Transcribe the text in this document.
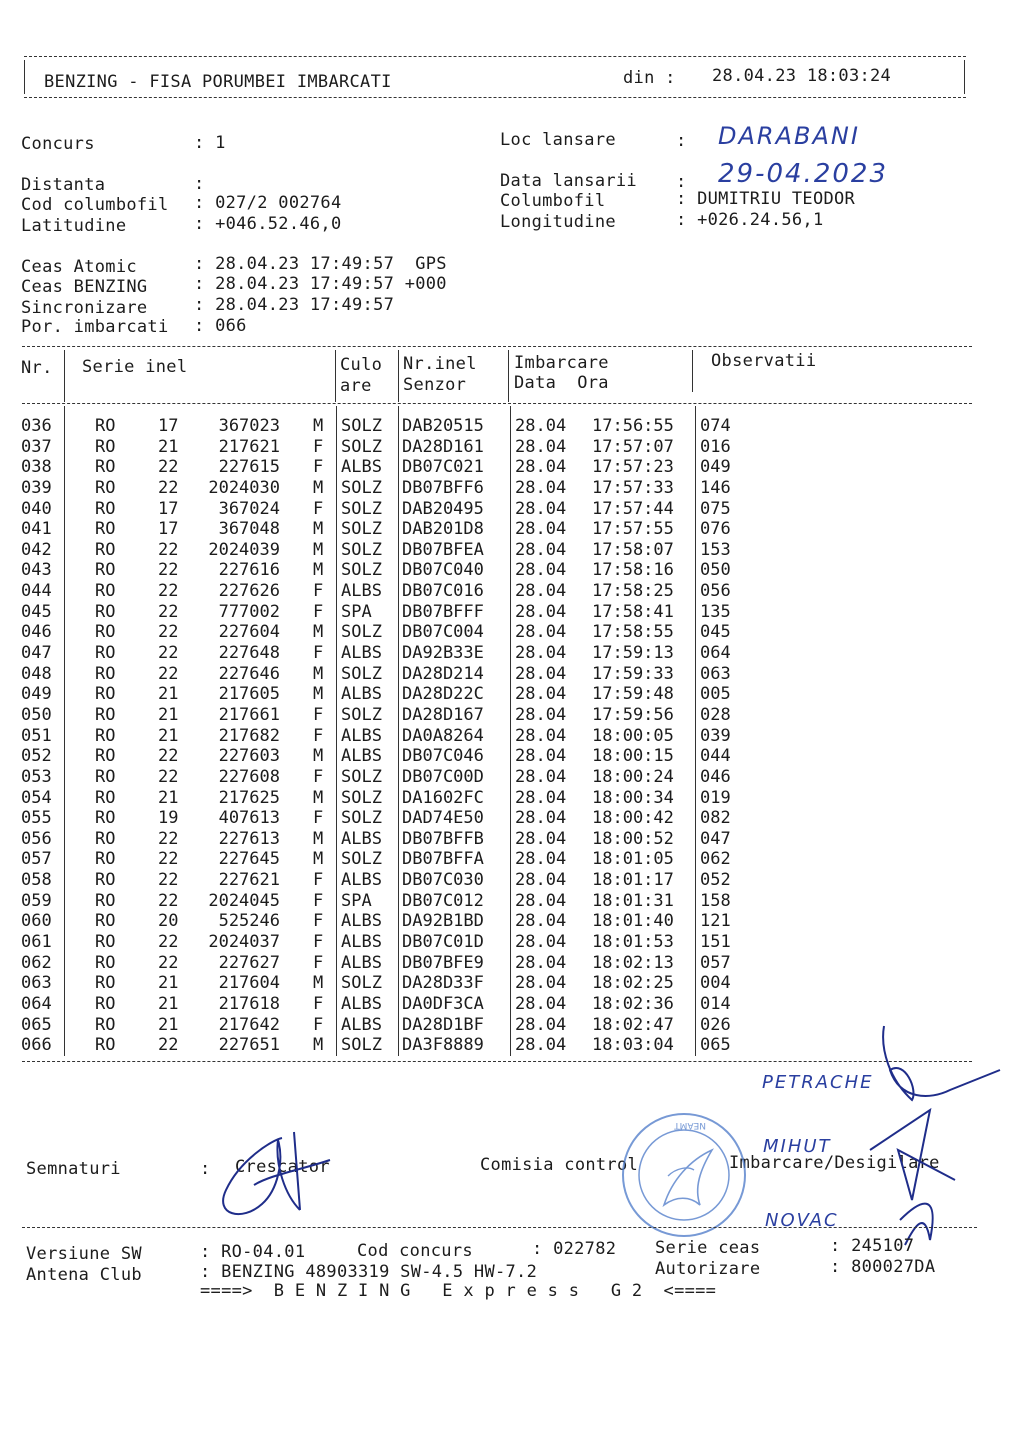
BENZING - FISA PORUMBEI IMBARCATI	din : 28.04.23 18:03:24
Concurs	: 1	Loc lansare	: DARABANI
Distanta	:	Data lansarii : 29-04.2023
Cod columbofil : 027/2 002764	Columbofil	: DUMITRIU TEODOR
Latitudine	: +046.52.46,0	Longitudine	: +026.24.56,1
Ceas Atomic	: 28.04.23 17:49:57  GPS
Ceas BENZING	: 28.04.23 17:49:57 +000
Sincronizare	: 28.04.23 17:49:57
Por. imbarcati : 066
Nr. Serie inel	Culo
are
Nr.inel
Senzor
Imbarcare
Data  Ora
Observatii
036	RO	17	367023 M SOLZ DAB20515 28.04 17:56:55 074
037	RO	21	217621 F SOLZ DA28D161 28.04 17:57:07 016
038	RO	22	227615 F ALBS DB07C021 28.04 17:57:23 049
039	RO	22	2024030 M SOLZ DB07BFF6 28.04 17:57:33 146
040	RO	17	367024 F SOLZ DAB20495 28.04 17:57:44 075
041	RO	17	367048 M SOLZ DAB201D8 28.04 17:57:55 076
042	RO	22	2024039 M SOLZ DB07BFEA 28.04 17:58:07 153
043	RO	22	227616 M SOLZ DB07C040 28.04 17:58:16 050
044	RO	22	227626 F ALBS DB07C016 28.04 17:58:25 056
045	RO	22	777002 F SPA DB07BFFF 28.04 17:58:41 135
046	RO	22	227604 M SOLZ DB07C004 28.04 17:58:55 045
047	RO	22	227648 F ALBS DA92B33E 28.04 17:59:13 064
048	RO	22	227646 M SOLZ DA28D214 28.04 17:59:33 063
049	RO	21	217605 M ALBS DA28D22C 28.04 17:59:48 005
050	RO	21	217661 F SOLZ DA28D167 28.04 17:59:56 028
051	RO	21	217682 F ALBS DA0A8264 28.04 18:00:05 039
052	RO	22	227603 M ALBS DB07C046 28.04 18:00:15 044
053	RO	22	227608 F SOLZ DB07C00D 28.04 18:00:24 046
054	RO	21	217625 M SOLZ DA1602FC 28.04 18:00:34 019
055	RO	19	407613 F SOLZ DAD74E50 28.04 18:00:42 082
056	RO	22	227613 M ALBS DB07BFFB 28.04 18:00:52 047
057	RO	22	227645 M SOLZ DB07BFFA 28.04 18:01:05 062
058	RO	22	227621 F ALBS DB07C030 28.04 18:01:17 052
059	RO	22	2024045 F SPA DB07C012 28.04 18:01:31 158
060	RO	20	525246 F ALBS DA92B1BD 28.04 18:01:40 121
061	RO	22	2024037 F ALBS DB07C01D 28.04 18:01:53 151
062	RO	22	227627 F ALBS DB07BFE9 28.04 18:02:13 057
063	RO	21	217604 M SOLZ DA28D33F 28.04 18:02:25 004
064	RO	21	217618 F ALBS DA0DF3CA 28.04 18:02:36 014
065	RO	21	217642 F ALBS DA28D1BF 28.04 18:02:47 026
066	RO	22	227651 M SOLZ DA3F8889 28.04 18:03:04 065
Semnaturi	: Crescator	Comisia control	Imbarcare/Desigilare
PETRACHE
MIHUT
NOVAC
NEAMT
Versiune SW	: RO-04.01	Cod concurs	: 022782 Serie ceas	: 245107
Antena Club	: BENZING 48903319 SW-4.5 HW-7.2	Autorizare	: 800027DA
====>  B E N Z I N G   E x p r e s s   G 2  <====
